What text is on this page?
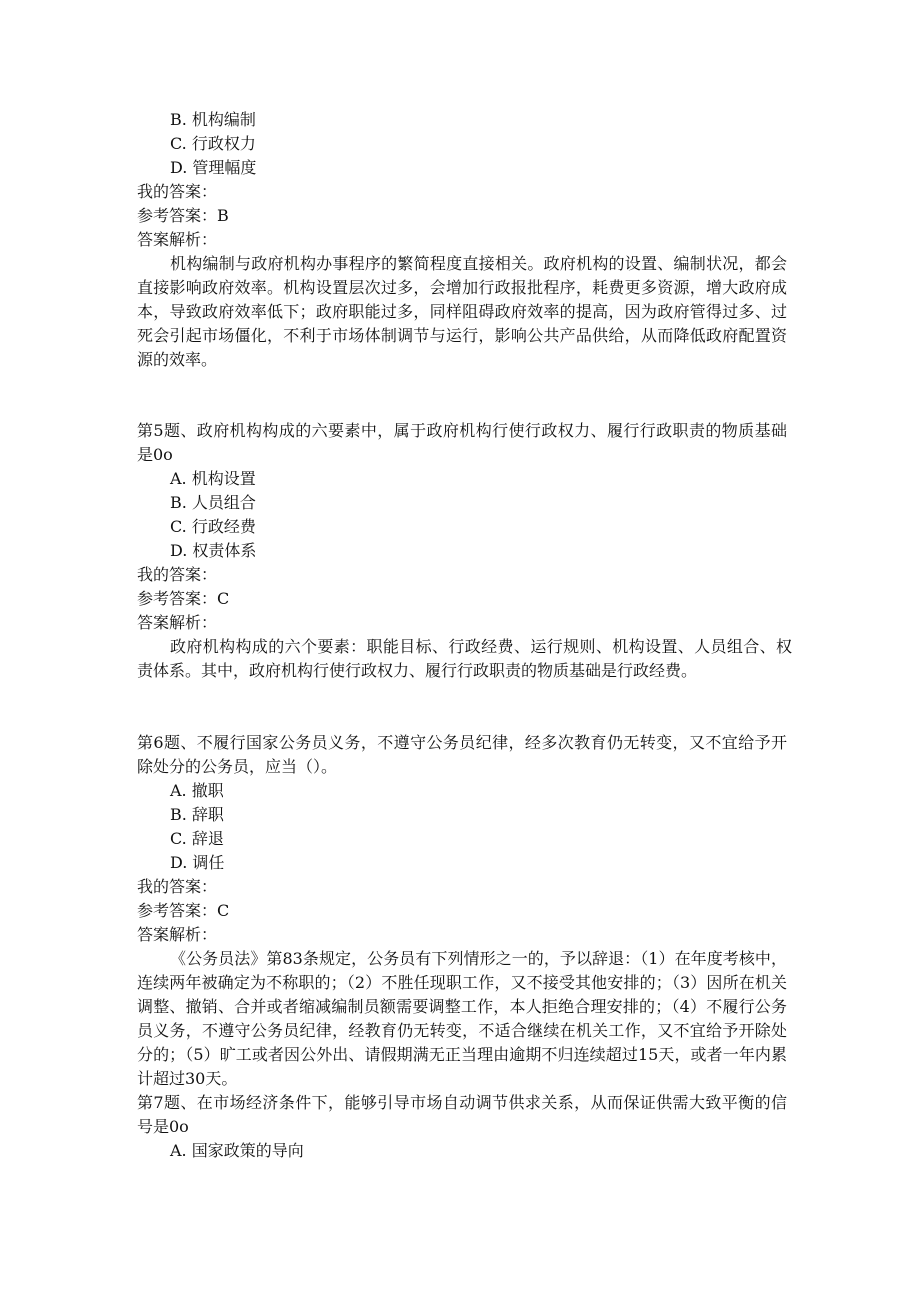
B. 机构编制
C. 行政权力
D. 管理幅度
我的答案：
参考答案：B
答案解析：
机构编制与政府机构办事程序的繁简程度直接相关。政府机构的设置、编制状况，都会直接影响政府效率。机构设置层次过多，会增加行政报批程序，耗费更多资源，增大政府成本，导致政府效率低下；政府职能过多，同样阻碍政府效率的提高，因为政府管得过多、过死会引起市场僵化，不利于市场体制调节与运行，影响公共产品供给，从而降低政府配置资源的效率。
第5题、政府机构构成的六要素中，属于政府机构行使行政权力、履行行政职责的物质基础是0o
A. 机构设置
B. 人员组合
C. 行政经费
D. 权责体系
我的答案：
参考答案：C
答案解析：
政府机构构成的六个要素：职能目标、行政经费、运行规则、机构设置、人员组合、权责体系。其中，政府机构行使行政权力、履行行政职责的物质基础是行政经费。
第6题、不履行国家公务员义务，不遵守公务员纪律，经多次教育仍无转变，又不宜给予开除处分的公务员，应当（）。
A. 撤职
B. 辞职
C. 辞退
D. 调任
我的答案：
参考答案：C
答案解析：
《公务员法》第83条规定，公务员有下列情形之一的，予以辞退：（1）在年度考核中，连续两年被确定为不称职的；（2）不胜任现职工作，又不接受其他安排的；（3）因所在机关调整、撤销、合并或者缩减编制员额需要调整工作，本人拒绝合理安排的；（4）不履行公务员义务，不遵守公务员纪律，经教育仍无转变，不适合继续在机关工作，又不宜给予开除处分的；（5）旷工或者因公外出、请假期满无正当理由逾期不归连续超过15天，或者一年内累计超过30天。
第7题、在市场经济条件下，能够引导市场自动调节供求关系，从而保证供需大致平衡的信号是0o
A. 国家政策的导向
